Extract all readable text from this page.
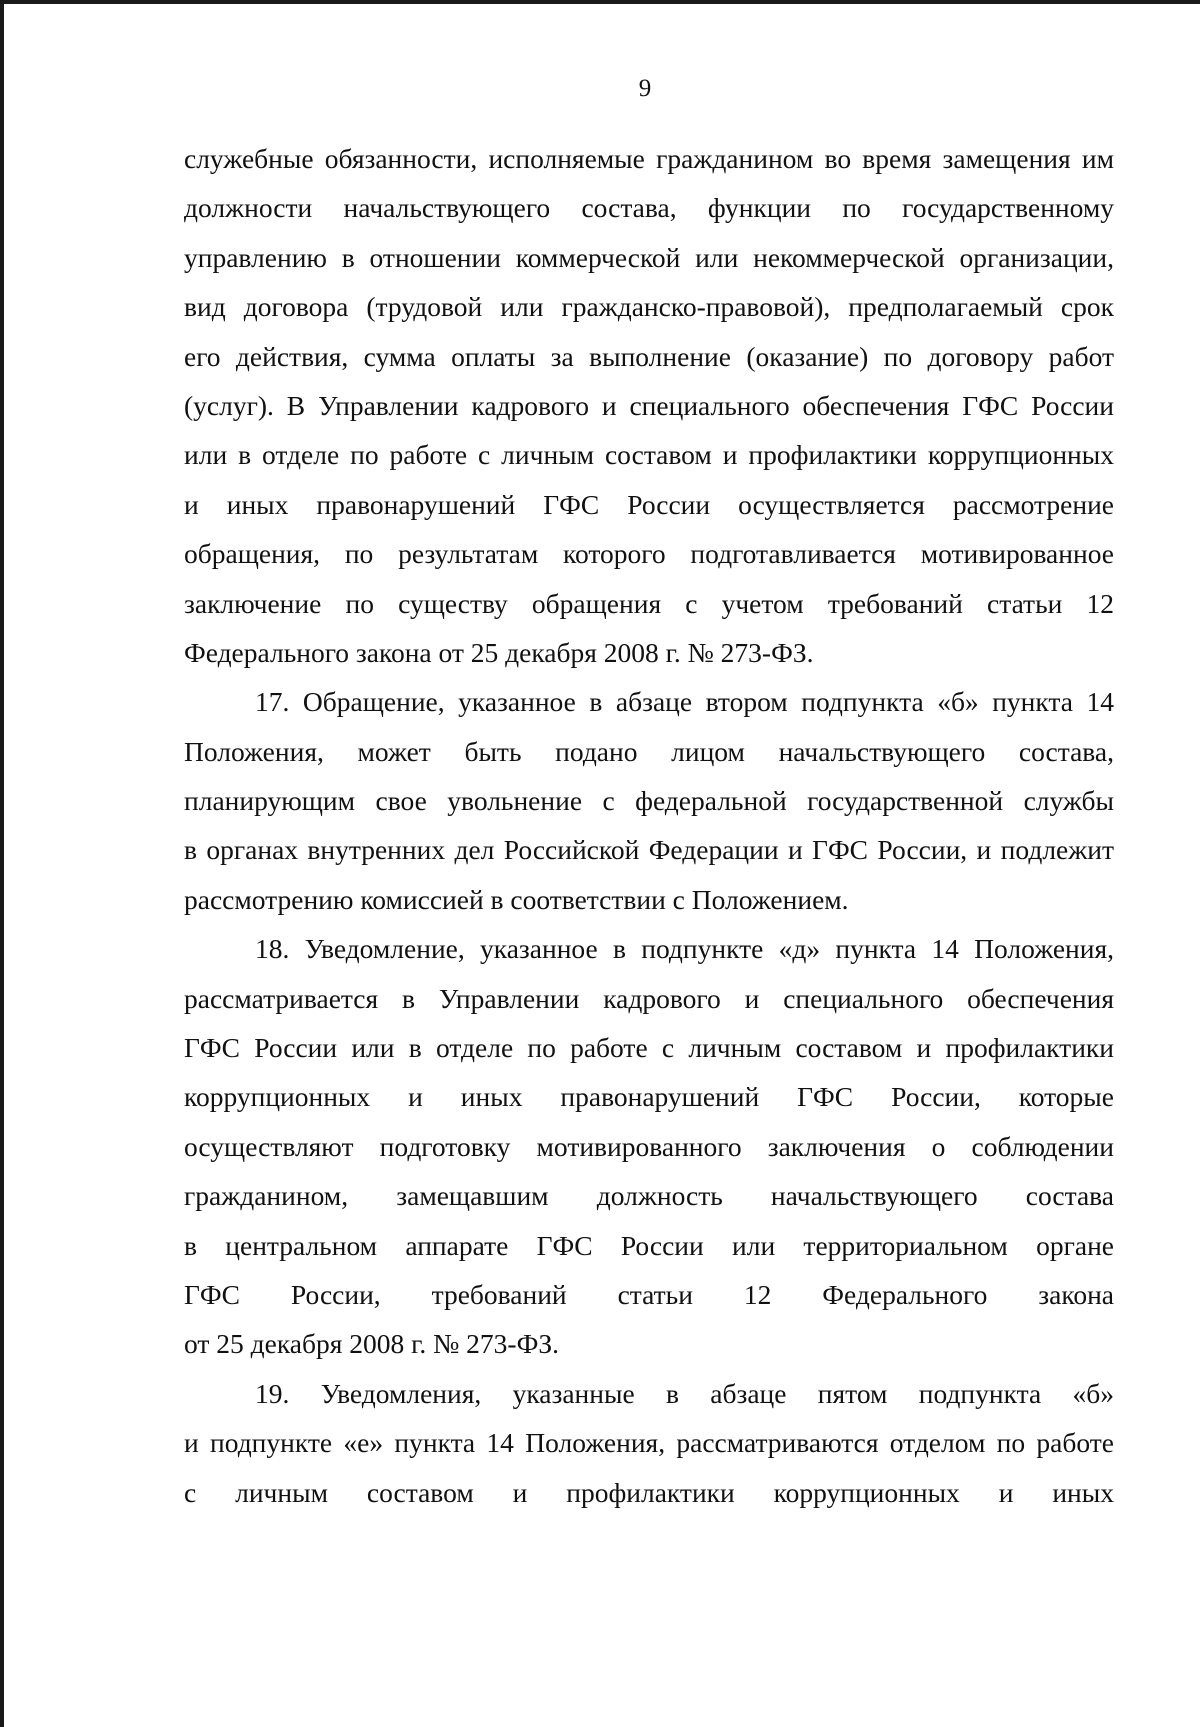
9
служебные обязанности, исполняемые гражданином во время замещения им
должности начальствующего состава, функции по государственному
управлению в отношении коммерческой или некоммерческой организации,
вид договора (трудовой или гражданско-правовой), предполагаемый срок
его действия, сумма оплаты за выполнение (оказание) по договору работ
(услуг). В Управлении кадрового и специального обеспечения ГФС России
или в отделе по работе с личным составом и профилактики коррупционных
и иных правонарушений ГФС России осуществляется рассмотрение
обращения, по результатам которого подготавливается мотивированное
заключение по существу обращения с учетом требований статьи 12
Федерального закона от 25 декабря 2008 г. № 273-ФЗ.
17. Обращение, указанное в абзаце втором подпункта «б» пункта 14
Положения, может быть подано лицом начальствующего состава,
планирующим свое увольнение с федеральной государственной службы
в органах внутренних дел Российской Федерации и ГФС России, и подлежит
рассмотрению комиссией в соответствии с Положением.
18. Уведомление, указанное в подпункте «д» пункта 14 Положения,
рассматривается в Управлении кадрового и специального обеспечения
ГФС России или в отделе по работе с личным составом и профилактики
коррупционных и иных правонарушений ГФС России, которые
осуществляют подготовку мотивированного заключения о соблюдении
гражданином, замещавшим должность начальствующего состава
в центральном аппарате ГФС России или территориальном органе
ГФС России, требований статьи 12 Федерального закона
от 25 декабря 2008 г. № 273-ФЗ.
19. Уведомления, указанные в абзаце пятом подпункта «б»
и подпункте «е» пункта 14 Положения, рассматриваются отделом по работе
с личным составом и профилактики коррупционных и иных
